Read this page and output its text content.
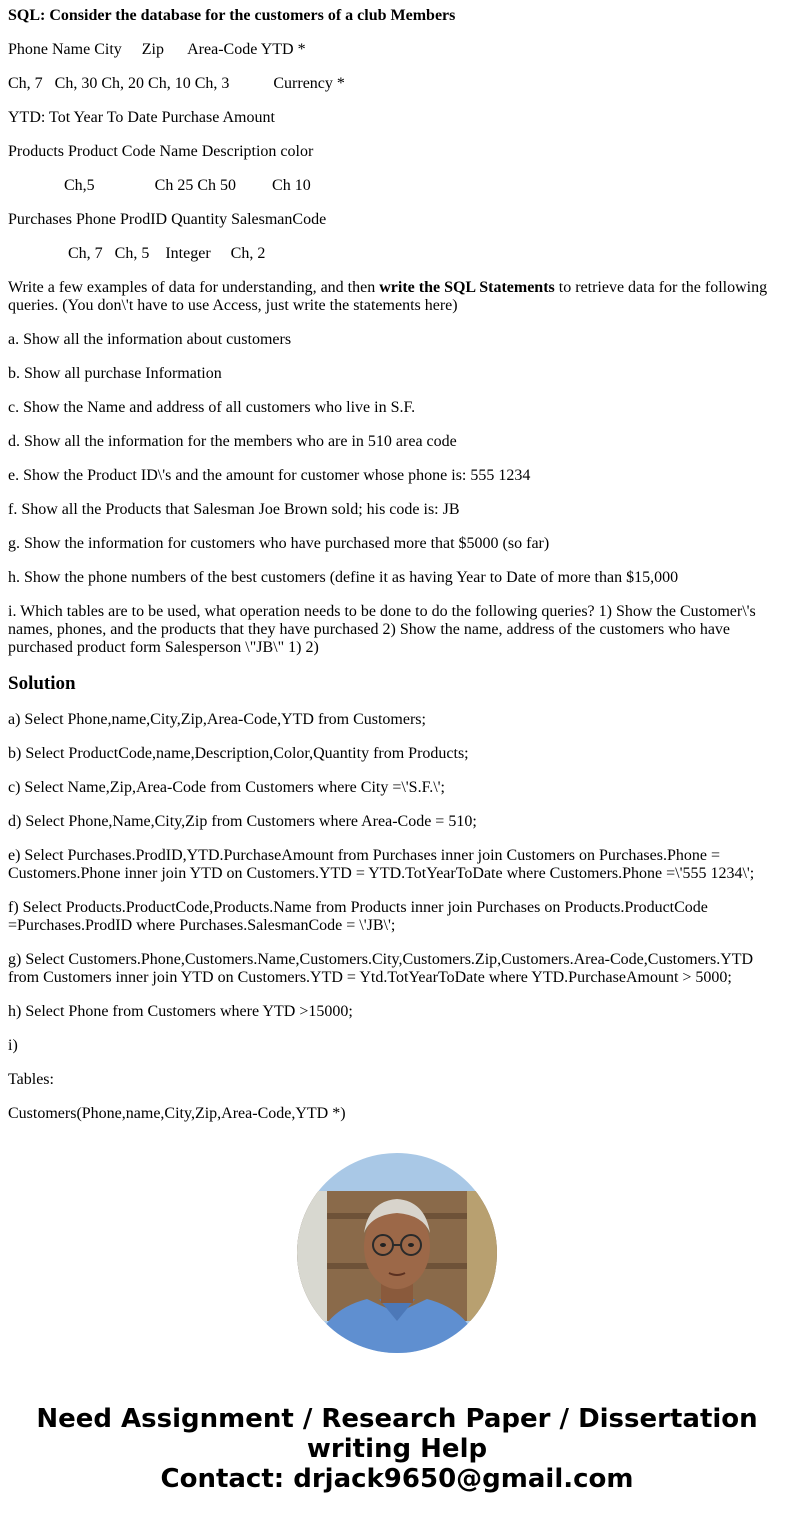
SQL: Consider the database for the customers of a club Members

Phone Name City     Zip      Area-Code YTD *

Ch, 7   Ch, 30 Ch, 20 Ch, 10 Ch, 3           Currency *

YTD: Tot Year To Date Purchase Amount

Products Product Code Name Description color

Ch,5               Ch 25 Ch 50         Ch 10

Purchases Phone ProdID Quantity SalesmanCode

Ch, 7   Ch, 5    Integer     Ch, 2

Write a few examples of data for understanding, and then write the SQL Statements to retrieve data for the following queries. (You don\'t have to use Access, just write the statements here)

a. Show all the information about customers

b. Show all purchase Information

c. Show the Name and address of all customers who live in S.F.

d. Show all the information for the members who are in 510 area code

e. Show the Product ID\'s and the amount for customer whose phone is: 555 1234

f. Show all the Products that Salesman Joe Brown sold; his code is: JB

g. Show the information for customers who have purchased more that $5000 (so far)

h. Show the phone numbers of the best customers (define it as having Year to Date of more than $15,000

i. Which tables are to be used, what operation needs to be done to do the following queries? 1) Show the Customer\'s names, phones, and the products that they have purchased 2) Show the name, address of the customers who have purchased product form Salesperson \"JB\" 1) 2)

Solution

a) Select Phone,name,City,Zip,Area-Code,YTD from Customers;

b) Select ProductCode,name,Description,Color,Quantity from Products;

c) Select Name,Zip,Area-Code from Customers where City =\'S.F.\';

d) Select Phone,Name,City,Zip from Customers where Area-Code = 510;

e) Select Purchases.ProdID,YTD.PurchaseAmount from Purchases inner join Customers on Purchases.Phone = Customers.Phone inner join YTD on Customers.YTD = YTD.TotYearToDate where Customers.Phone =\'555 1234\';

f) Select Products.ProductCode,Products.Name from Products inner join Purchases on Products.ProductCode =Purchases.ProdID where Purchases.SalesmanCode = \'JB\';

g) Select Customers.Phone,Customers.Name,Customers.City,Customers.Zip,Customers.Area-Code,Customers.YTD from Customers inner join YTD on Customers.YTD = Ytd.TotYearToDate where YTD.PurchaseAmount > 5000;

h) Select Phone from Customers where YTD >15000;

i)

Tables:

Customers(Phone,name,City,Zip,Area-Code,YTD *)

Need Assignment / Research Paper / Dissertation
writing Help
Contact: drjack9650@gmail.com
